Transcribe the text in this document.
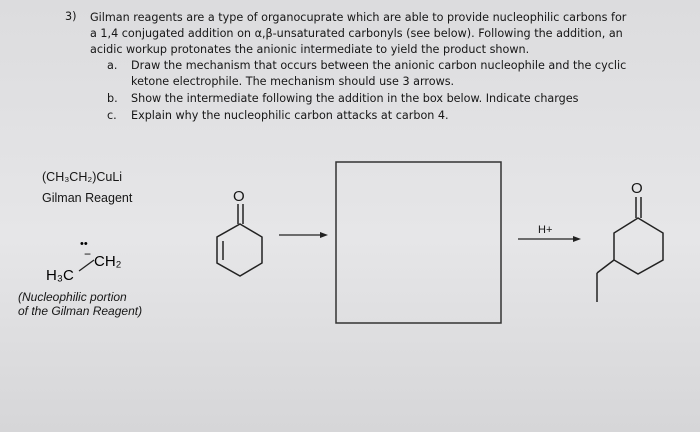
3) Gilman reagents are a type of organocuprate which are able to provide nucleophilic carbons for
a 1,4 conjugated addition on α,β-unsaturated carbonyls (see below). Following the addition, an
acidic workup protonates the anionic intermediate to yield the product shown.
a. Draw the mechanism that occurs between the anionic carbon nucleophile and the cyclic
ketone electrophile. The mechanism should use 3 arrows.
b. Show the intermediate following the addition in the box below. Indicate charges
c. Explain why the nucleophilic carbon attacks at carbon 4.
(CH₃CH₂)CuLi
Gilman Reagent
(Nucleophilic portion
of the Gilman Reagent)
••
− CH₂
H₃C
O
H+
O
